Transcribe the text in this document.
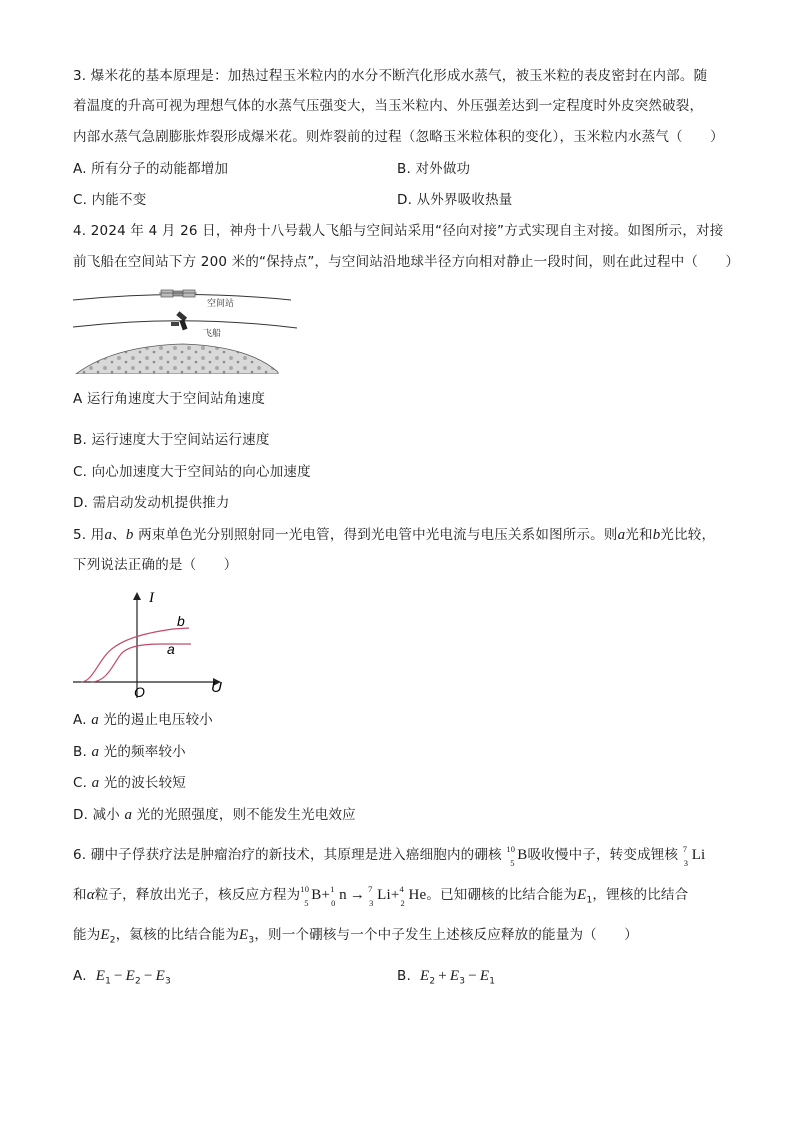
3. 爆米花的基本原理是：加热过程玉米粒内的水分不断汽化形成水蒸气，被玉米粒的表皮密封在内部。随
着温度的升高可视为理想气体的水蒸气压强变大，当玉米粒内、外压强差达到一定程度时外皮突然破裂，
内部水蒸气急剧膨胀炸裂形成爆米花。则炸裂前的过程（忽略玉米粒体积的变化），玉米粒内水蒸气（　　）
A. 所有分子的动能都增加	B. 对外做功
C. 内能不变	D. 从外界吸收热量
4. 2024 年 4 月 26 日，神舟十八号载人飞船与空间站采用“径向对接”方式实现自主对接。如图所示，对接
前飞船在空间站下方 200 米的“保持点”，与空间站沿地球半径方向相对静止一段时间，则在此过程中（　　）
空间站
飞船
A 运行角速度大于空间站角速度
B. 运行速度大于空间站运行速度
C. 向心加速度大于空间站的向心加速度
D. 需启动发动机提供推力
5. 用a、b 两束单色光分别照射同一光电管，得到光电管中光电流与电压关系如图所示。则a光和b光比较，
下列说法正确的是（　　）
I
U
O
b
a
A. a 光的遏止电压较小
B. a 光的频率较小
C. a 光的波长较短
D. 减小 a 光的光照强度，则不能发生光电效应
6. 硼中子俘获疗法是肿瘤治疗的新技术，其原理是进入癌细胞内的硼核 10
5 B吸收慢中子，转变成锂核 7
3 Li
和α粒子，释放出光子，核反应方程为 10
5 B+ 1
0 n → 7
3 Li+ 4
2 He。已知硼核的比结合能为$E_1$，锂核的比结合
能为$E_2$，氦核的比结合能为$E_3$，则一个硼核与一个中子发生上述核反应释放的能量为（　　）
A. $E_1 - E_2 - E_3$	B. $E_2 + E_3 - E_1$
